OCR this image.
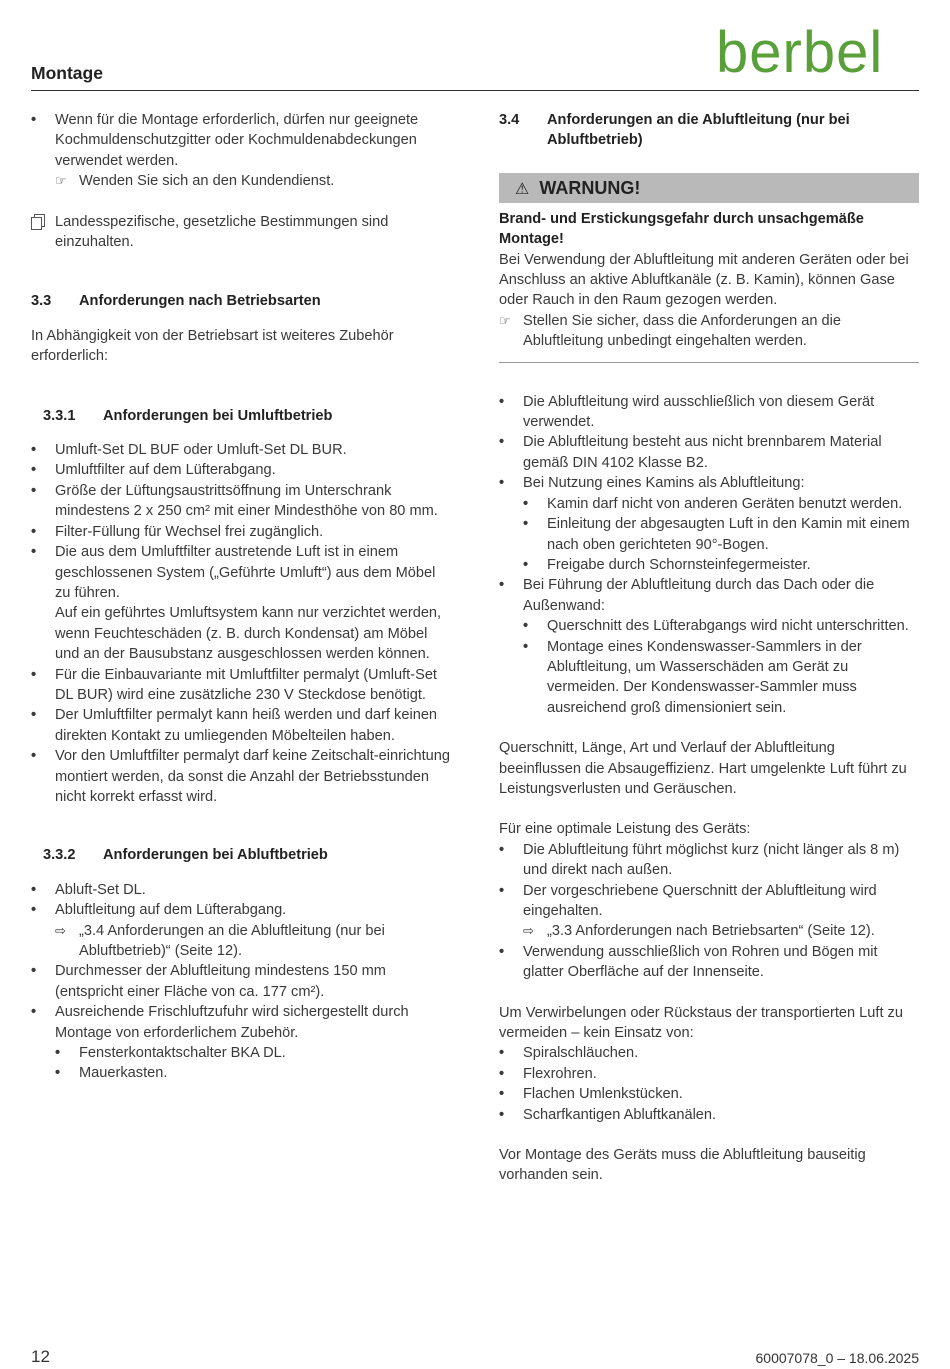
Montage	berbel
• Wenn für die Montage erforderlich, dürfen nur geeignete Kochmuldenschutzgitter oder Kochmuldenabdeckungen verwendet werden.
☞ Wenden Sie sich an den Kundendienst.
Landesspezifische, gesetzliche Bestimmungen sind einzuhalten.
3.3 Anforderungen nach Betriebsarten

In Abhängigkeit von der Betriebsart ist weiteres Zubehör erforderlich:

3.3.1 Anforderungen bei Umluftbetrieb
• Umluft-Set DL BUF oder Umluft-Set DL BUR.
• Umluftfilter auf dem Lüfterabgang.
• Größe der Lüftungsaustrittsöffnung im Unterschrank mindestens 2 x 250 cm² mit einer Mindesthöhe von 80 mm.
• Filter-Füllung für Wechsel frei zugänglich.
• Die aus dem Umluftfilter austretende Luft ist in einem geschlossenen System („Geführte Umluft“) aus dem Möbel zu führen.
Auf ein geführtes Umluftsystem kann nur verzichtet werden, wenn Feuchteschäden (z. B. durch Kondensat) am Möbel und an der Bausubstanz ausgeschlossen werden können.
• Für die Einbauvariante mit Umluftfilter permalyt (Umluft-Set DL BUR) wird eine zusätzliche 230 V Steckdose benötigt.
• Der Umluftfilter permalyt kann heiß werden und darf keinen direkten Kontakt zu umliegenden Möbelteilen haben.
• Vor den Umluftfilter permalyt darf keine Zeitschalt-einrichtung montiert werden, da sonst die Anzahl der Betriebsstunden nicht korrekt erfasst wird.
3.3.2 Anforderungen bei Abluftbetrieb
• Abluft-Set DL.
• Abluftleitung auf dem Lüfterabgang.
⇨ „3.4 Anforderungen an die Abluftleitung (nur bei Abluftbetrieb)“ (Seite 12).
• Durchmesser der Abluftleitung mindestens 150 mm (entspricht einer Fläche von ca. 177 cm²).
• Ausreichende Frischluftzufuhr wird sichergestellt durch Montage von erforderlichem Zubehör.
• Fensterkontaktschalter BKA DL.
• Mauerkasten.
3.4 Anforderungen an die Abluftleitung (nur bei Abluftbetrieb)
⚠ WARNUNG!

Brand- und Erstickungsgefahr durch unsachgemäße Montage!

Bei Verwendung der Abluftleitung mit anderen Geräten oder bei Anschluss an aktive Abluftkanäle (z. B. Kamin), können Gase oder Rauch in den Raum gezogen werden.

☞ Stellen Sie sicher, dass die Anforderungen an die Abluftleitung unbedingt eingehalten werden.
• Die Abluftleitung wird ausschließlich von diesem Gerät verwendet.
• Die Abluftleitung besteht aus nicht brennbarem Material gemäß DIN 4102 Klasse B2.
• Bei Nutzung eines Kamins als Abluftleitung:
• Kamin darf nicht von anderen Geräten benutzt werden.
• Einleitung der abgesaugten Luft in den Kamin mit einem nach oben gerichteten 90°-Bogen.
• Freigabe durch Schornsteinfegermeister.
• Bei Führung der Abluftleitung durch das Dach oder die Außenwand:
• Querschnitt des Lüfterabgangs wird nicht unterschritten.
• Montage eines Kondenswasser-Sammlers in der Abluftleitung, um Wasserschäden am Gerät zu vermeiden. Der Kondenswasser-Sammler muss ausreichend groß dimensioniert sein.

Querschnitt, Länge, Art und Verlauf der Abluftleitung beeinflussen die Absaugeffizienz. Hart umgelenkte Luft führt zu Leistungsverlusten und Geräuschen.

Für eine optimale Leistung des Geräts:

• Die Abluftleitung führt möglichst kurz (nicht länger als 8 m) und direkt nach außen.
• Der vorgeschriebene Querschnitt der Abluftleitung wird eingehalten.
⇨ „3.3 Anforderungen nach Betriebsarten“ (Seite 12).
• Verwendung ausschließlich von Rohren und Bögen mit glatter Oberfläche auf der Innenseite.

Um Verwirbelungen oder Rückstaus der transportierten Luft zu vermeiden – kein Einsatz von:

• Spiralschläuchen.
• Flexrohren.
• Flachen Umlenkstücken.
• Scharfkantigen Abluftkanälen.

Vor Montage des Geräts muss die Abluftleitung bauseitig vorhanden sein.

12	60007078_0 – 18.06.2025
